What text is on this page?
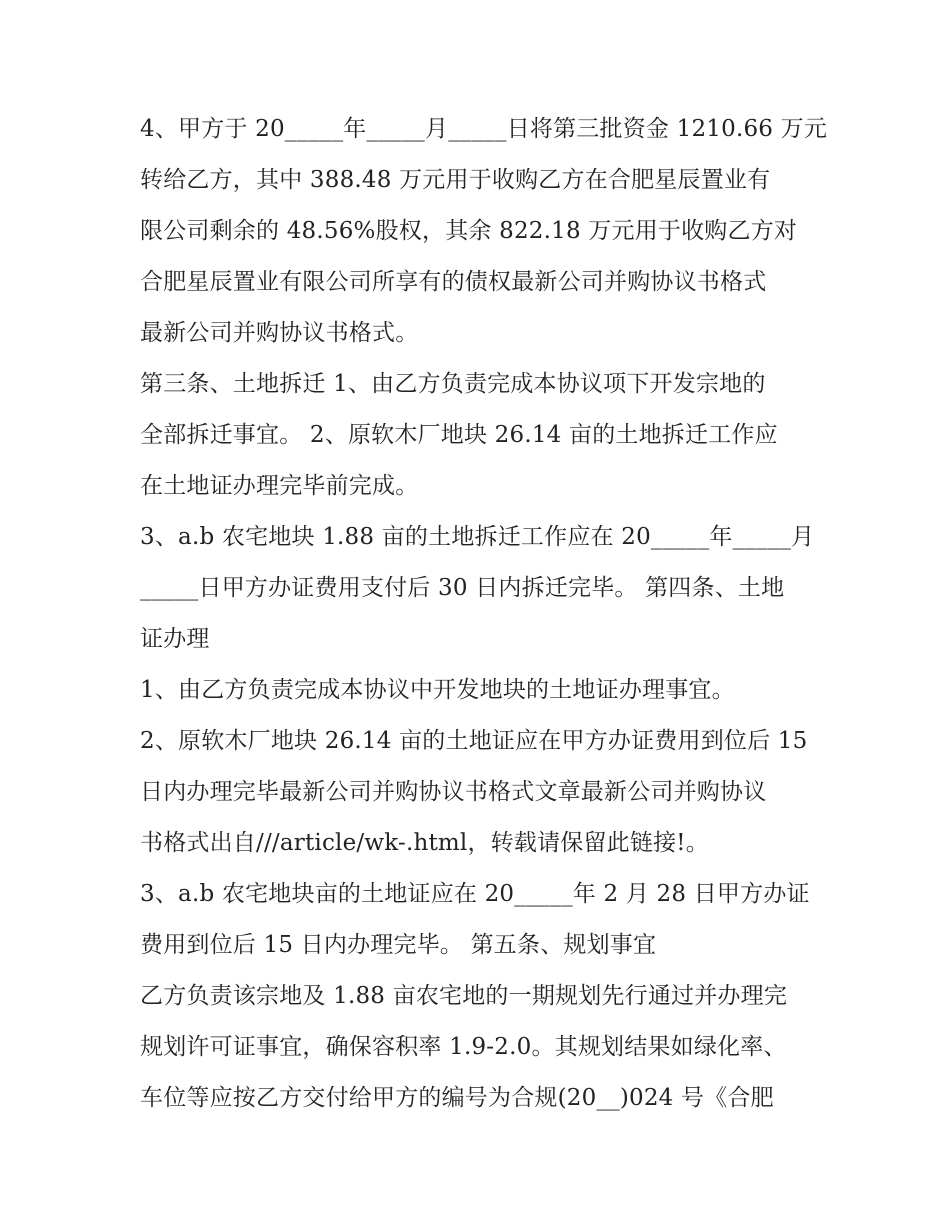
4、甲方于 20_____年_____月_____日将第三批资金 1210.66 万元
转给乙方，其中 388.48 万元用于收购乙方在合肥星辰置业有
限公司剩余的 48.56%股权，其余 822.18 万元用于收购乙方对
合肥星辰置业有限公司所享有的债权最新公司并购协议书格式
最新公司并购协议书格式。
第三条、土地拆迁 1、由乙方负责完成本协议项下开发宗地的
全部拆迁事宜。 2、原软木厂地块 26.14 亩的土地拆迁工作应
在土地证办理完毕前完成。
3、a.b 农宅地块 1.88 亩的土地拆迁工作应在 20_____年_____月
_____日甲方办证费用支付后 30 日内拆迁完毕。 第四条、土地
证办理
1、由乙方负责完成本协议中开发地块的土地证办理事宜。
2、原软木厂地块 26.14 亩的土地证应在甲方办证费用到位后 15
日内办理完毕最新公司并购协议书格式文章最新公司并购协议
书格式出自///article/wk-.html，转载请保留此链接!。
3、a.b 农宅地块亩的土地证应在 20_____年 2 月 28 日甲方办证
费用到位后 15 日内办理完毕。 第五条、规划事宜
乙方负责该宗地及 1.88 亩农宅地的一期规划先行通过并办理完
规划许可证事宜，确保容积率 1.9-2.0。其规划结果如绿化率、
车位等应按乙方交付给甲方的编号为合规(20__)024 号《合肥
